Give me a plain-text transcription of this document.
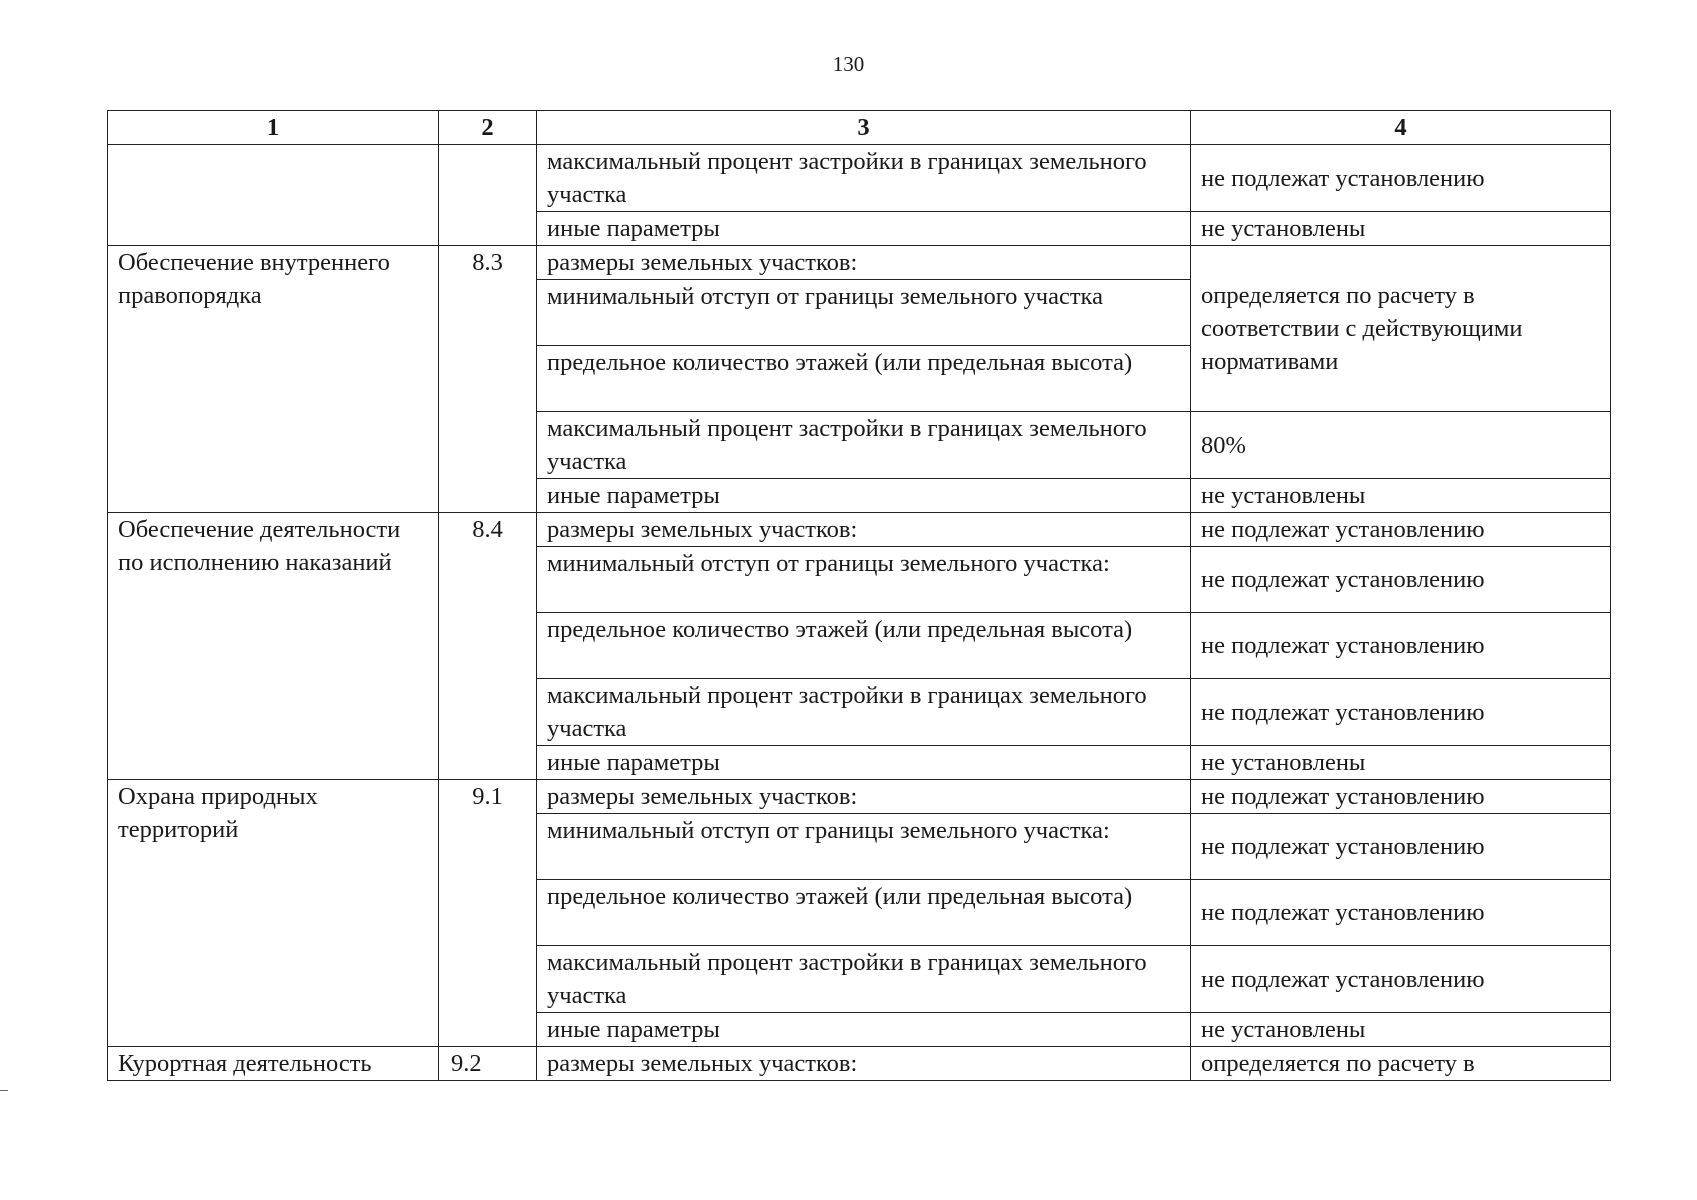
130
1	2	3	4
		максимальный процент застройки в границах земельного участка	не подлежат установлению
		иные параметры	не установлены
Обеспечение внутреннего правопорядка	8.3	размеры земельных участков:	определяется по расчету в соответствии с действующими нормативами
		минимальный отступ от границы земельного участка	
		предельное количество этажей (или предельная высота)	
		максимальный процент застройки в границах земельного участка	80%
		иные параметры	не установлены
Обеспечение деятельности по исполнению наказаний	8.4	размеры земельных участков:	не подлежат установлению
		минимальный отступ от границы земельного участка:	не подлежат установлению
		предельное количество этажей (или предельная высота)	не подлежат установлению
		максимальный процент застройки в границах земельного участка	не подлежат установлению
		иные параметры	не установлены
Охрана природных территорий	9.1	размеры земельных участков:	не подлежат установлению
		минимальный отступ от границы земельного участка:	не подлежат установлению
		предельное количество этажей (или предельная высота)	не подлежат установлению
		максимальный процент застройки в границах земельного участка	не подлежат установлению
		иные параметры	не установлены
Курортная деятельность	9.2	размеры земельных участков:	определяется по расчету в
